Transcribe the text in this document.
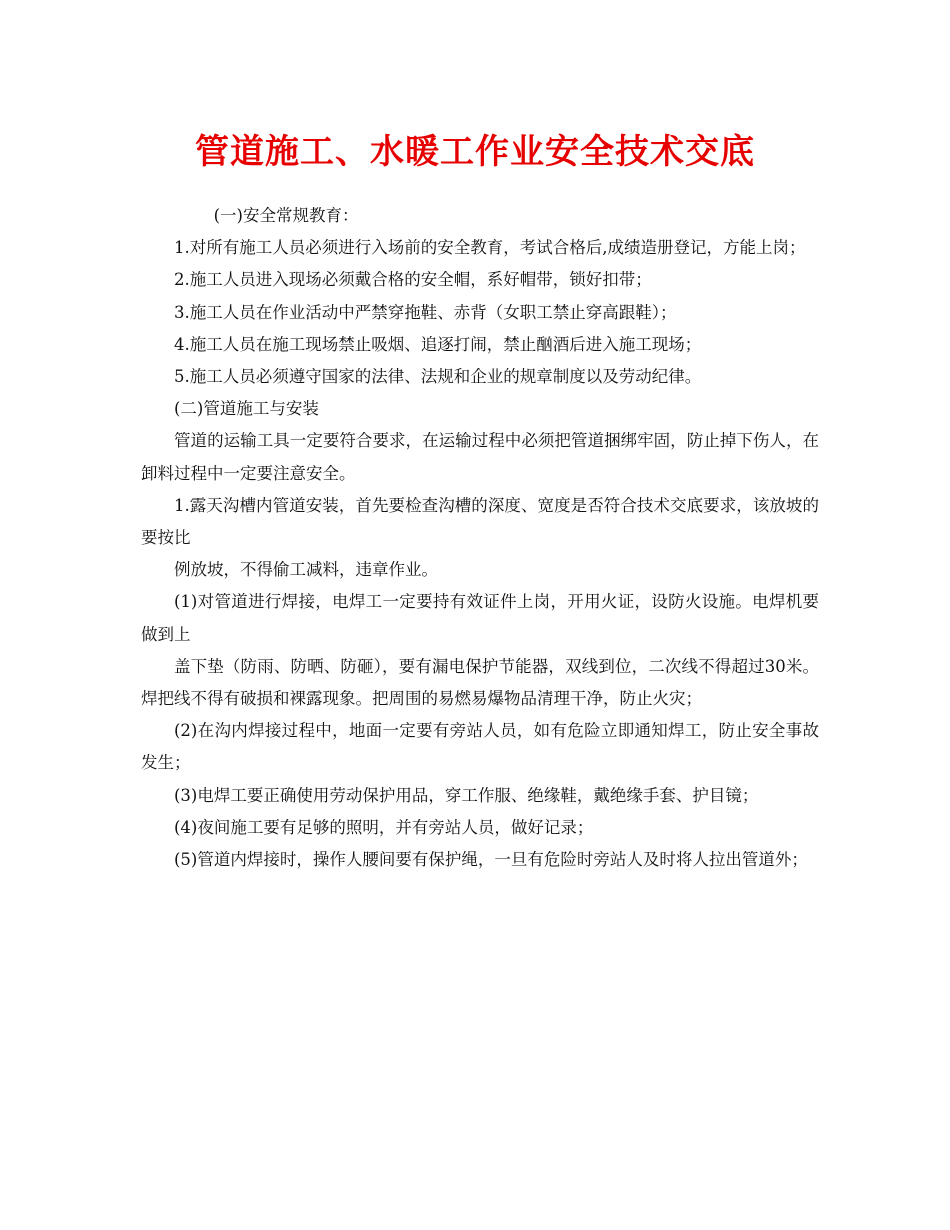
管道施工、水暖工作业安全技术交底

(一)安全常规教育：

1.对所有施工人员必须进行入场前的安全教育，考试合格后,成绩造册登记，方能上岗；

2.施工人员进入现场必须戴合格的安全帽，系好帽带，锁好扣带；

3.施工人员在作业活动中严禁穿拖鞋、赤背（女职工禁止穿高跟鞋）；

4.施工人员在施工现场禁止吸烟、追逐打闹，禁止酗酒后进入施工现场；

5.施工人员必须遵守国家的法律、法规和企业的规章制度以及劳动纪律。

(二)管道施工与安装

管道的运输工具一定要符合要求，在运输过程中必须把管道捆绑牢固，防止掉下伤人，在卸料过程中一定要注意安全。

1.露天沟槽内管道安装，首先要检查沟槽的深度、宽度是否符合技术交底要求，该放坡的要按比

例放坡，不得偷工减料，违章作业。

(1)对管道进行焊接，电焊工一定要持有效证件上岗，开用火证，设防火设施。电焊机要做到上

盖下垫（防雨、防晒、防砸），要有漏电保护节能器，双线到位，二次线不得超过30米。焊把线不得有破损和裸露现象。把周围的易燃易爆物品清理干净，防止火灾；

(2)在沟内焊接过程中，地面一定要有旁站人员，如有危险立即通知焊工，防止安全事故发生；

(3)电焊工要正确使用劳动保护用品，穿工作服、绝缘鞋，戴绝缘手套、护目镜；

(4)夜间施工要有足够的照明，并有旁站人员，做好记录；

(5)管道内焊接时，操作人腰间要有保护绳，一旦有危险时旁站人及时将人拉出管道外；
